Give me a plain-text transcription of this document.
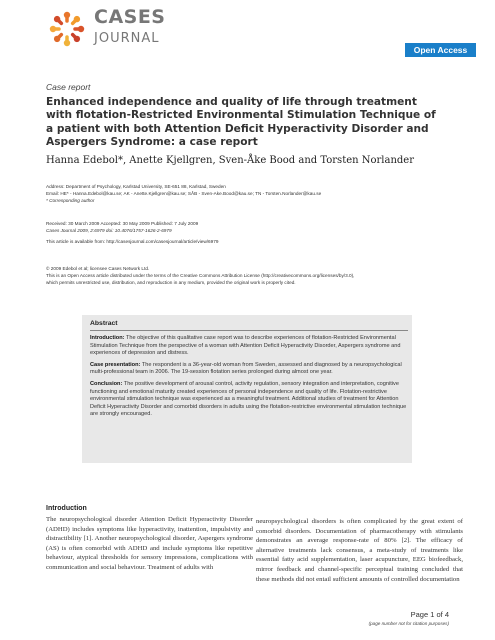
CASES
JOURNAL
Open Access
Case report
Enhanced independence and quality of life through treatment with flotation-Restricted Environmental Stimulation Technique of a patient with both Attention Deficit Hyperactivity Disorder and Aspergers Syndrome: a case report
Hanna Edebol*, Anette Kjellgren, Sven-Åke Bood and Torsten Norlander
Address: Department of Psychology, Karlstad University, SE-651 88, Karlstad, Sweden
Email: HE* - Hanna.Edebol@kau.se; AK - Anette.Kjellgren@kau.se; SÅB - Sven-Ake.Bood@kau.se; TN - Torsten.Norlander@kau.se
* Corresponding author
Received: 30 March 2009 Accepted: 30 May 2009 Published: 7 July 2009
Cases Journal 2009, 2:6979 doi: 10.4076/1757-1626-2-6979
This article is available from: http://casesjournal.com/casesjournal/article/view/6979
© 2009 Edebol et al; licensee Cases Network Ltd.
This is an Open Access article distributed under the terms of the Creative Commons Attribution License (http://creativecommons.org/licenses/by/3.0),
which permits unrestricted use, distribution, and reproduction in any medium, provided the original work is properly cited.
Abstract

Introduction: The objective of this qualitative case report was to describe experiences of flotation-Restricted Environmental Stimulation Technique from the perspective of a woman with Attention Deficit Hyperactivity Disorder, Aspergers syndrome and experiences of depression and distress.

Case presentation: The respondent is a 36-year-old woman from Sweden, assessed and diagnosed by a neuropsychological multi-professional team in 2006. The 19-session flotation series prolonged during almost one year.

Conclusion: The positive development of arousal control, activity regulation, sensory integration and interpretation, cognitive functioning and emotional maturity created experiences of personal independence and quality of life. Flotation-restrictive environmental stimulation technique was experienced as a meaningful treatment. Additional studies of treatment for Attention Deficit Hyperactivity Disorder and comorbid disorders in adults using the flotation-restrictive environmental stimulation technique are strongly encouraged.

Introduction

The neuropsychological disorder Attention Deficit Hyperactivity Disorder (ADHD) includes symptoms like hyperactivity, inattention, impulsivity and distractibility [1]. Another neuropsychological disorder, Aspergers syndrome (AS) is often comorbid with ADHD and include symptoms like repetitive behaviour, atypical thresholds for sensory impressions, complications with communication and social behaviour. Treatment of adults with

neuropsychological disorders is often complicated by the great extent of comorbid disorders. Documentation of pharmacotherapy with stimulants demonstrates an average response-rate of 80% [2]. The efficacy of alternative treatments lack consensus, a meta-study of treatments like essential fatty acid supplementation, laser acupuncture, EEG biofeedback, mirror feedback and channel-specific perceptual training concluded that these methods did not entail sufficient amounts of controlled documentation

Page 1 of 4
(page number not for citation purposes)
